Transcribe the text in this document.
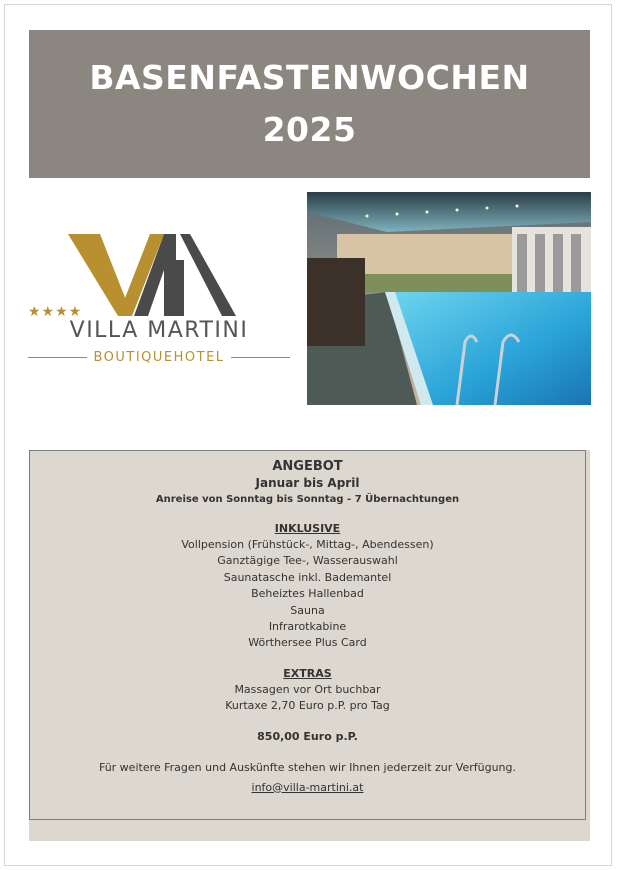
BASENFASTENWOCHEN
2025
★★★★
VILLA MARTINI
BOUTIQUEHOTEL
ANGEBOT
Januar bis April
Anreise von Sonntag bis Sonntag - 7 Übernachtungen
INKLUSIVE
Vollpension (Frühstück-, Mittag-, Abendessen)
Ganztägige Tee-, Wasserauswahl
Saunatasche inkl. Bademantel
Beheiztes Hallenbad
Sauna
Infrarotkabine
Wörthersee Plus Card
EXTRAS
Massagen vor Ort buchbar
Kurtaxe 2,70 Euro p.P. pro Tag
850,00 Euro p.P.
Für weitere Fragen und Auskünfte stehen wir Ihnen jederzeit zur Verfügung.
info@villa-martini.at
